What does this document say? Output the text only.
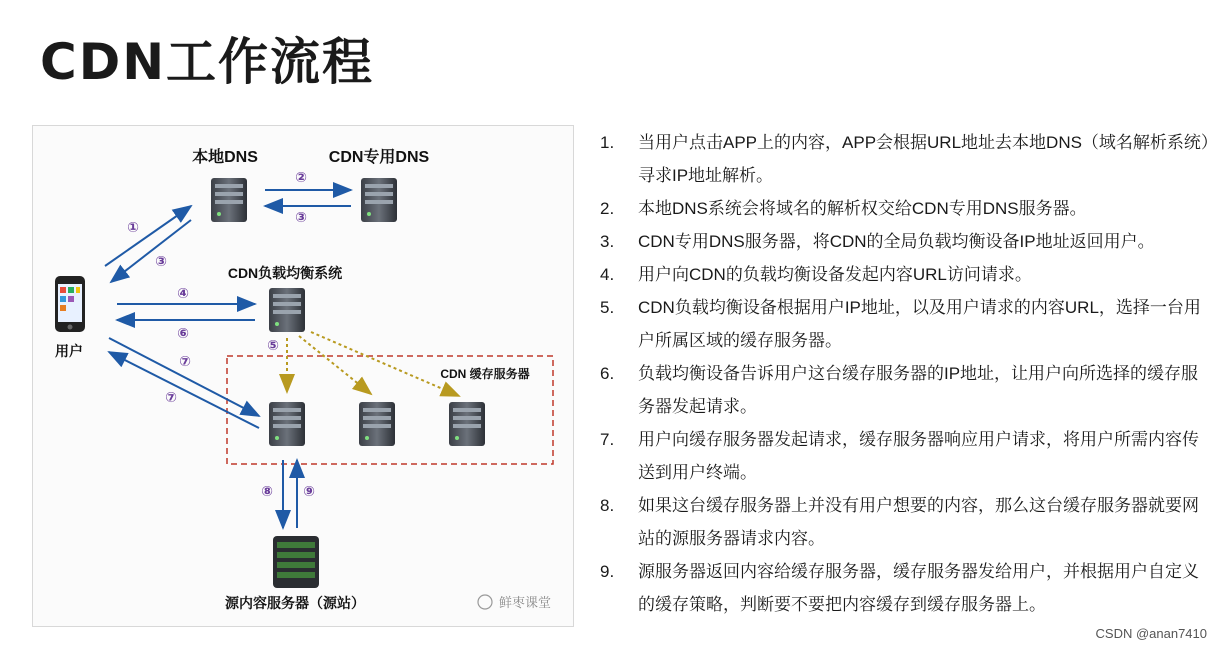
CDN工作流程
本地DNS	CDN专用DNS
CDN负载均衡系统
用户
CDN 缓存服务器
源内容服务器（源站）
①
②
③
③
④
⑤
⑥
⑦
⑦
⑧ ⑨
鲜枣课堂
1.	当用户点击APP上的内容，APP会根据URL地址去本地DNS（域名解析系统）寻求IP地址解析。
2.	本地DNS系统会将域名的解析权交给CDN专用DNS服务器。
3.	CDN专用DNS服务器，将CDN的全局负载均衡设备IP地址返回用户。
4.	用户向CDN的负载均衡设备发起内容URL访问请求。
5.	CDN负载均衡设备根据用户IP地址，以及用户请求的内容URL，选择一台用户所属区域的缓存服务器。
6.	负载均衡设备告诉用户这台缓存服务器的IP地址，让用户向所选择的缓存服务器发起请求。
7.	用户向缓存服务器发起请求，缓存服务器响应用户请求，将用户所需内容传送到用户终端。
8.	如果这台缓存服务器上并没有用户想要的内容，那么这台缓存服务器就要网站的源服务器请求内容。
9.	源服务器返回内容给缓存服务器，缓存服务器发给用户，并根据用户自定义的缓存策略，判断要不要把内容缓存到缓存服务器上。
CSDN @anan7410
